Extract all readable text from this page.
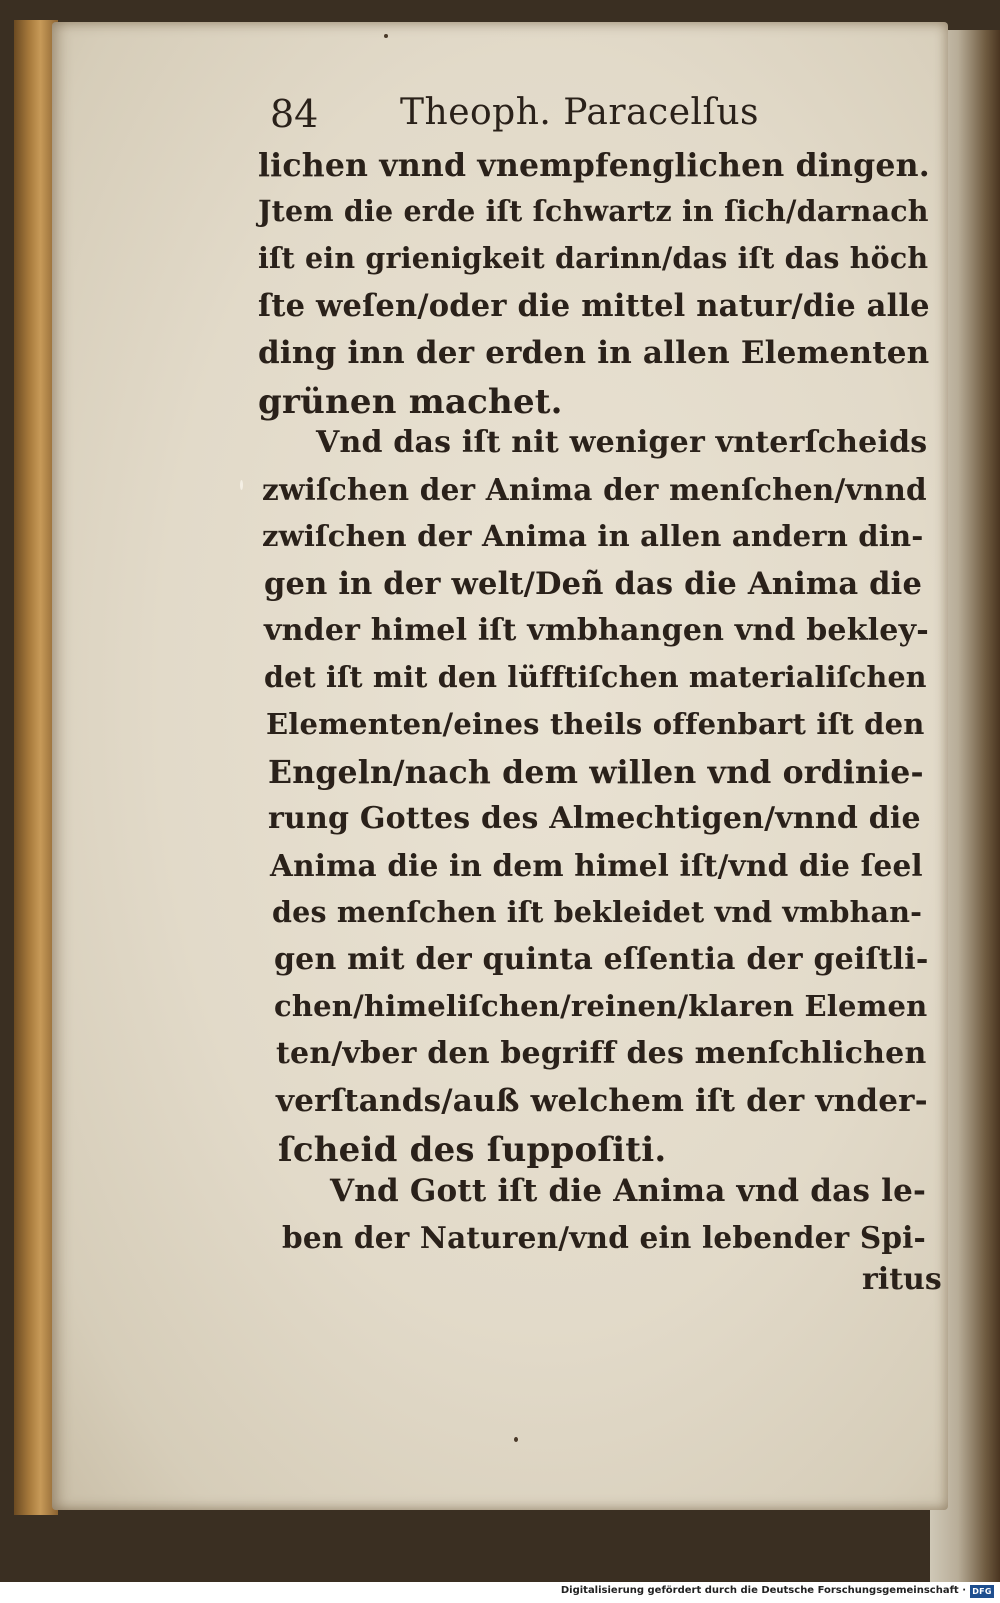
84 Theoph. Paracelſus
lichen vnnd vnempfenglichen dingen.
Jtem die erde iſt ſchwartz in ſich/darnach
iſt ein grienigkeit darinn/das iſt das höch
ſte weſen/oder die mittel natur/die alle
ding inn der erden in allen Elementen
grünen machet.
Vnd das iſt nit weniger vnterſcheids
zwiſchen der Anima der menſchen/vnnd
zwiſchen der Anima in allen andern din-
gen in der welt/Deñ das die Anima die
vnder himel iſt vmbhangen vnd bekley-
det iſt mit den lüfftiſchen materialiſchen
Elementen/eines theils offenbart iſt den
Engeln/nach dem willen vnd ordinie-
rung Gottes des Almechtigen/vnnd die
Anima die in dem himel iſt/vnd die ſeel
des menſchen iſt bekleidet vnd vmbhan-
gen mit der quinta eſſentia der geiſtli-
chen/himeliſchen/reinen/klaren Elemen
ten/vber den begriff des menſchlichen
verſtands/auß welchem iſt der vnder-
ſcheid des ſuppoſiti.
Vnd Gott iſt die Anima vnd das le-
ben der Naturen/vnd ein lebender Spi-
ritus
Digitalisierung gefördert durch die Deutsche Forschungsgemeinschaft · DFG
